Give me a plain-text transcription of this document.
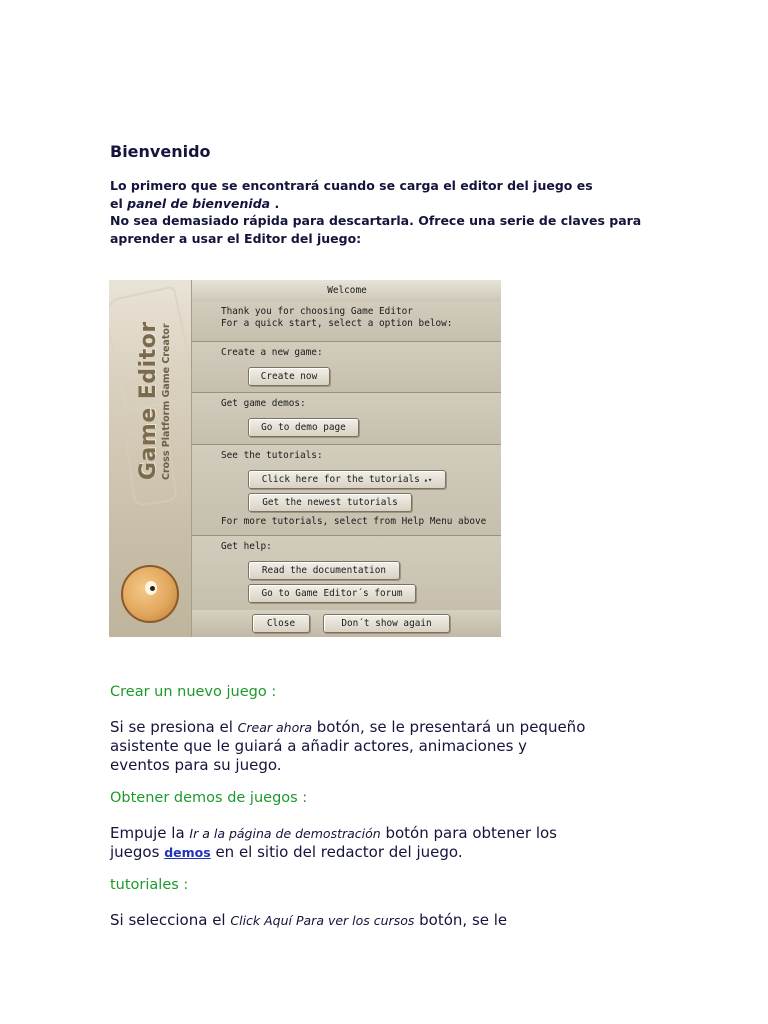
Bienvenido
Lo primero que se encontrará cuando se carga el editor del juego es
el panel de bienvenida .
No sea demasiado rápida para descartarla. Ofrece una serie de claves para
aprender a usar el Editor del juego:
Game Editor Cross Platform Game Creator
Welcome
Thank you for choosing Game Editor
For a quick start, select a option below:
Create a new game:
Create now
Get game demos:
Go to demo page
See the tutorials:
Click here for the tutorials ▴▾
Get the newest tutorials
For more tutorials, select from Help Menu above
Get help:
Read the documentation
Go to Game Editor´s forum
Close	Don´t show again
Crear un nuevo juego :
Si se presiona el Crear ahora botón, se le presentará un pequeño
asistente que le guiará a añadir actores, animaciones y
eventos para su juego.
Obtener demos de juegos :
Empuje la Ir a la página de demostración botón para obtener los
juegos demos en el sitio del redactor del juego.
tutoriales :
Si selecciona el Click Aquí Para ver los cursos botón, se le
